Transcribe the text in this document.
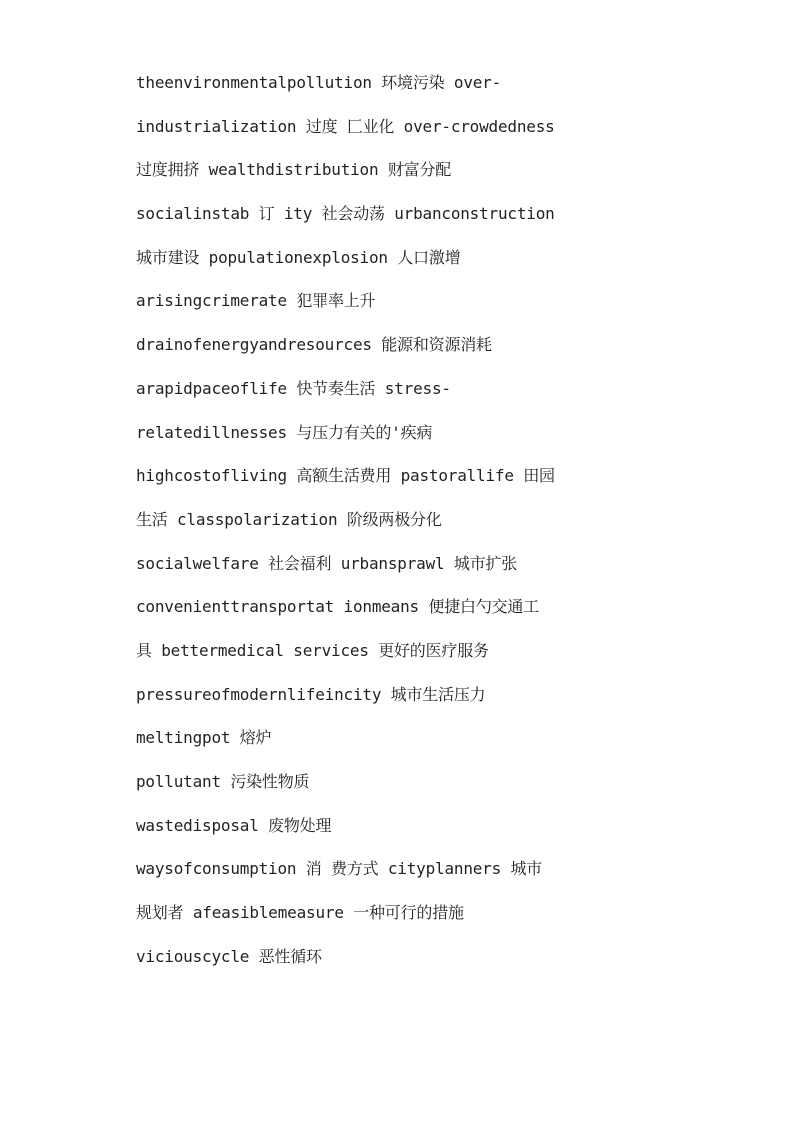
theenvironmentalpollution 环境污染 over-
industrialization 过度 匚业化 over-crowdedness
过度拥挤 wealthdistribution 财富分配
socialinstab 订 ity 社会动荡 urbanconstruction
城市建设 populationexplosion 人口激增
arisingcrimerate 犯罪率上升
drainofenergyandresources 能源和资源消耗
arapidpaceoflife 快节奏生活 stress-
relatedillnesses 与压力有关的'疾病
highcostofliving 高额生活费用 pastorallife 田园
生活 classpolarization 阶级两极分化
socialwelfare 社会福利 urbansprawl 城市扩张
convenienttransportat ionmeans 便捷白勺交通工
具 bettermedical services 更好的医疗服务
pressureofmodernlifeincity 城市生活压力
meltingpot 熔炉
pollutant 污染性物质
wastedisposal 废物处理
waysofconsumption 消 费方式 cityplanners 城市
规划者 afeasiblemeasure 一种可行的措施
viciouscycle 恶性循环
